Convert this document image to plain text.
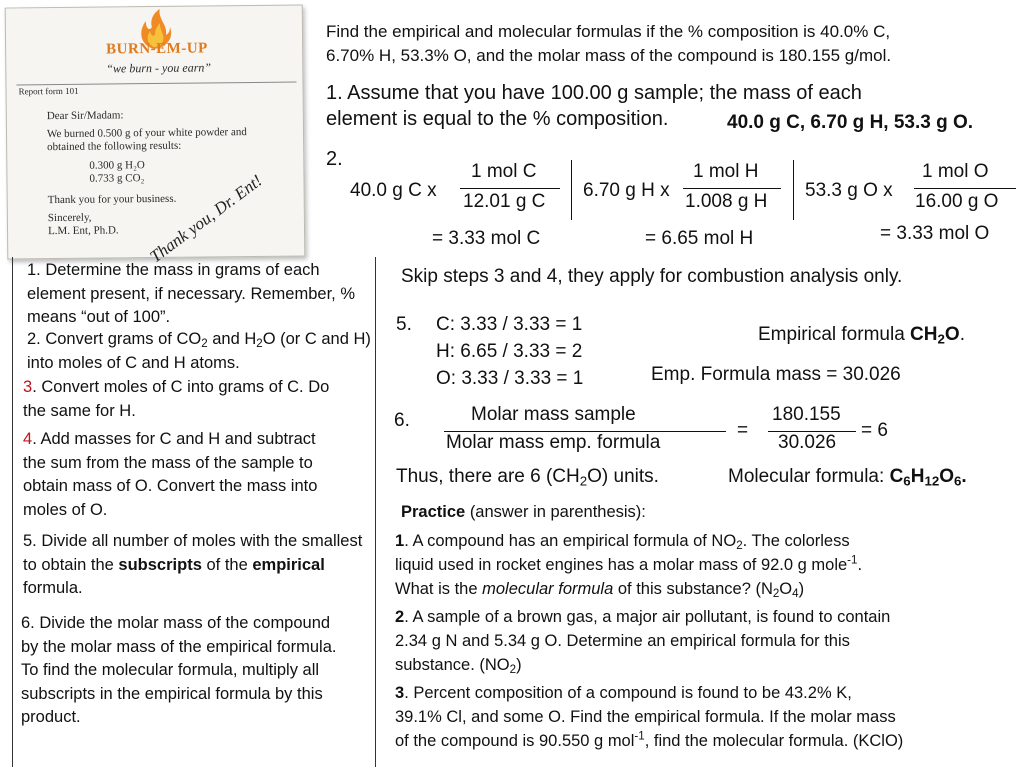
BURN-EM-UP
“we burn - you earn”
Report form 101
Dear Sir/Madam:
We burned 0.500 g of your white powder and
obtained the following results:
0.300 g H₂O
0.733 g CO₂
Thank you for your business.
Sincerely,
L.M. Ent, Ph.D. Thank you, Dr. Ent!
Find the empirical and molecular formulas if the % composition is 40.0% C,
6.70% H, 53.3% O, and the molar mass of the compound is 180.155 g/mol.
1. Assume that you have 100.00 g sample; the mass of each
element is equal to the % composition.	40.0 g C, 6.70 g H, 53.3 g O.
2.
40.0 g C x
1 mol C
12.01 g C
6.70 g H x
1 mol H
1.008 g H
53.3 g O x
1 mol O
16.00 g O
= 3.33 mol C	= 6.65 mol H	= 3.33 mol O
Skip steps 3 and 4, they apply for combustion analysis only.
5. C: 3.33 / 3.33 = 1
H: 6.65 / 3.33 = 2
O: 3.33 / 3.33 = 1
Empirical formula $CH_2O$.
Emp. Formula mass = 30.026
6.	Molar mass sample
Molar mass emp. formula
=
180.155
30.026
= 6
Thus, there are 6 $(CH_2O)$ units.	Molecular formula: $C_6H_{12}O_6$.
Practice (answer in parenthesis):
1. A compound has an empirical formula of $NO_2$. The colorless
liquid used in rocket engines has a molar mass of 92.0 g mole$^{-1}$.
What is the molecular formula of this substance? $(N_2O_4)$
2. A sample of a brown gas, a major air pollutant, is found to contain
2.34 g N and 5.34 g O. Determine an empirical formula for this
substance. $(NO_2)$
3. Percent composition of a compound is found to be 43.2% K,
39.1% Cl, and some O. Find the empirical formula. If the molar mass
of the compound is 90.550 g mol$^{-1}$, find the molecular formula. (KClO)
1. Determine the mass in grams of each element present, if necessary. Remember, % means “out of 100”.
2. Convert grams of $CO_2$ and $H_2O$ (or C and H) into moles of C and H atoms.
3. Convert moles of C into grams of C. Do the same for H.
4. Add masses for C and H and subtract the sum from the mass of the sample to obtain mass of O. Convert the mass into moles of O.
5. Divide all number of moles with the smallest to obtain the subscripts of the empirical formula.
6. Divide the molar mass of the compound by the molar mass of the empirical formula. To find the molecular formula, multiply all subscripts in the empirical formula by this product.
